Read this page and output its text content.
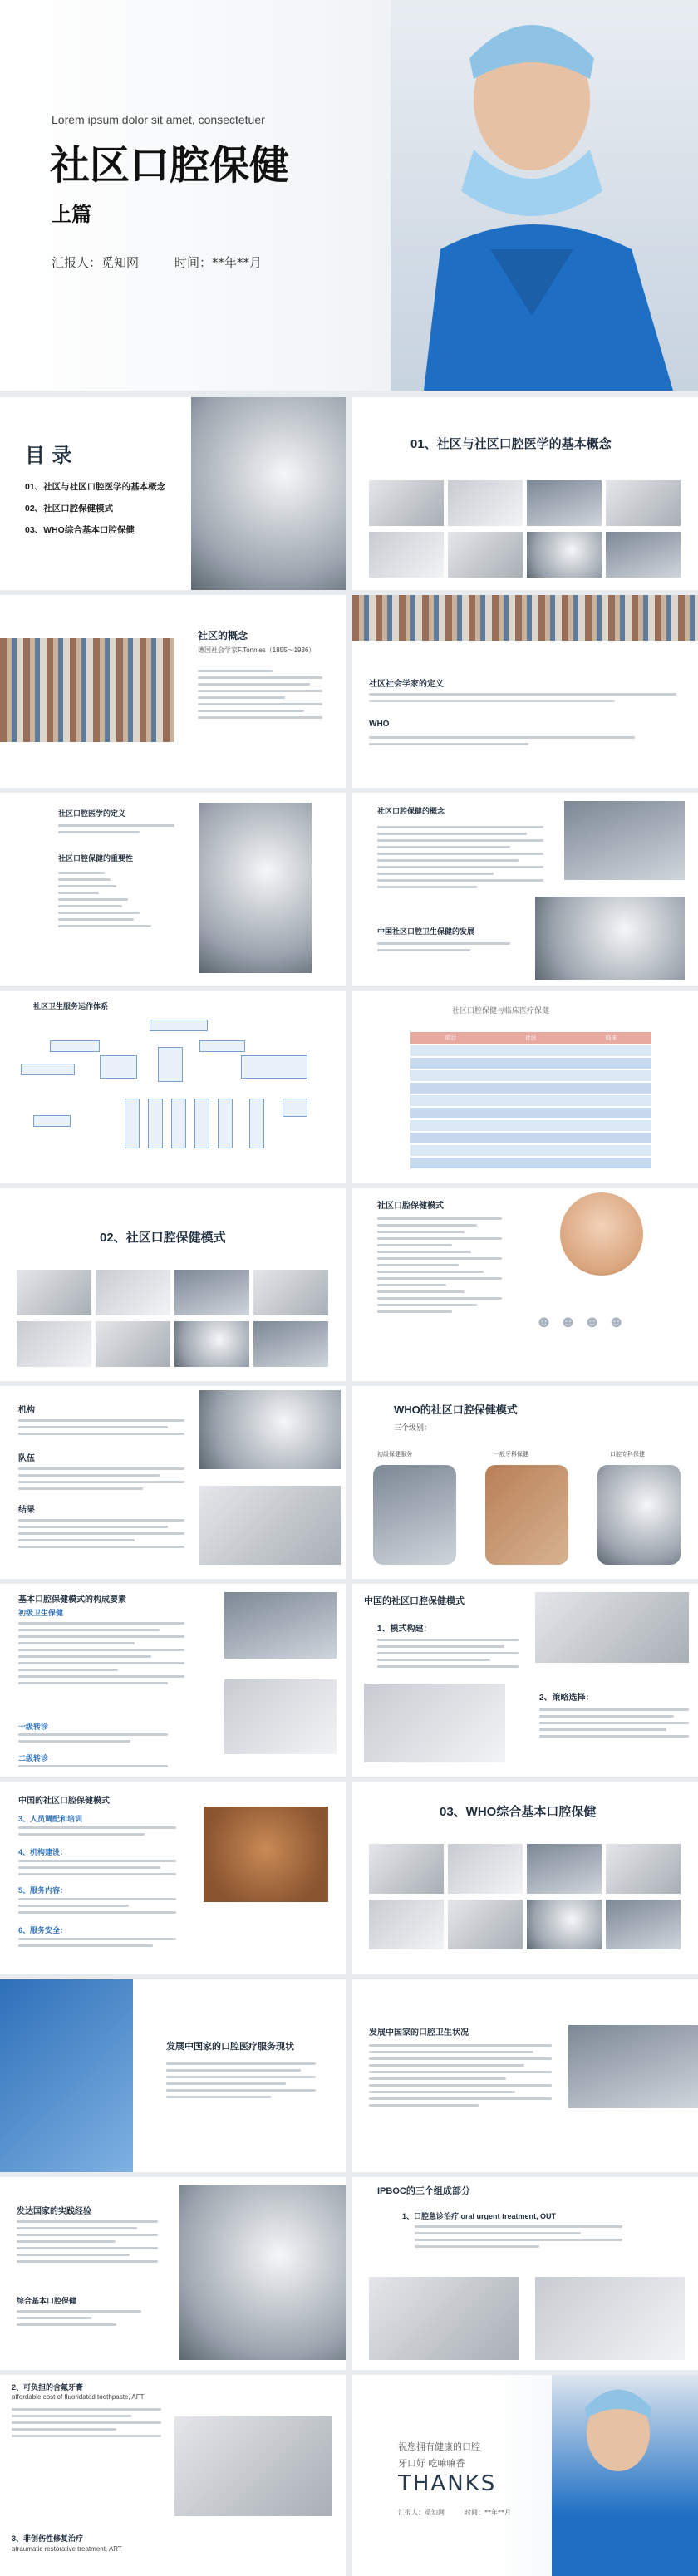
Lorem ipsum dolor sit amet, consectetuer
社区口腔保健
上篇
汇报人：觅知网	时间：**年**月
目 录
01、社区与社区口腔医学的基本概念
02、社区口腔保健模式
03、WHO综合基本口腔保健
01、社区与社区口腔医学的基本概念
社区的概念
德国社会学家F.Tonnies（1855～1936）
社区社会学家的定义
WHO
社区口腔医学的定义
社区口腔保健的重要性
社区口腔保健的概念
中国社区口腔卫生保健的发展
社区卫生服务运作体系	社区口腔保健与临床医疗保健
项目	社区	临床
02、社区口腔保健模式
社区口腔保健模式
☻☻☻☻
机构
队伍
结果
WHO的社区口腔保健模式
三个级别：
初级保健服务	一般牙科保健	口腔专科保健
基本口腔保健模式的构成要素
初级卫生保健
一级转诊
二级转诊
中国的社区口腔保健模式
1、模式构建：
2、策略选择：
中国的社区口腔保健模式
3、人员调配和培训
4、机构建设：
5、服务内容：
6、服务安全：
03、WHO综合基本口腔保健
发展中国家的口腔医疗服务现状
发展中国家的口腔卫生状况
发达国家的实践经验
综合基本口腔保健
IPBOC的三个组成部分
1、口腔急诊治疗 oral urgent treatment, OUT
2、可负担的含氟牙膏
affordable cost of fluoridated toothpaste, AFT
3、非创伤性修复治疗
atraumatic restorative treatment, ART
祝您拥有健康的口腔
牙口好 吃嘛嘛香
THANKS
汇报人：觅知网	时间：**年**月
